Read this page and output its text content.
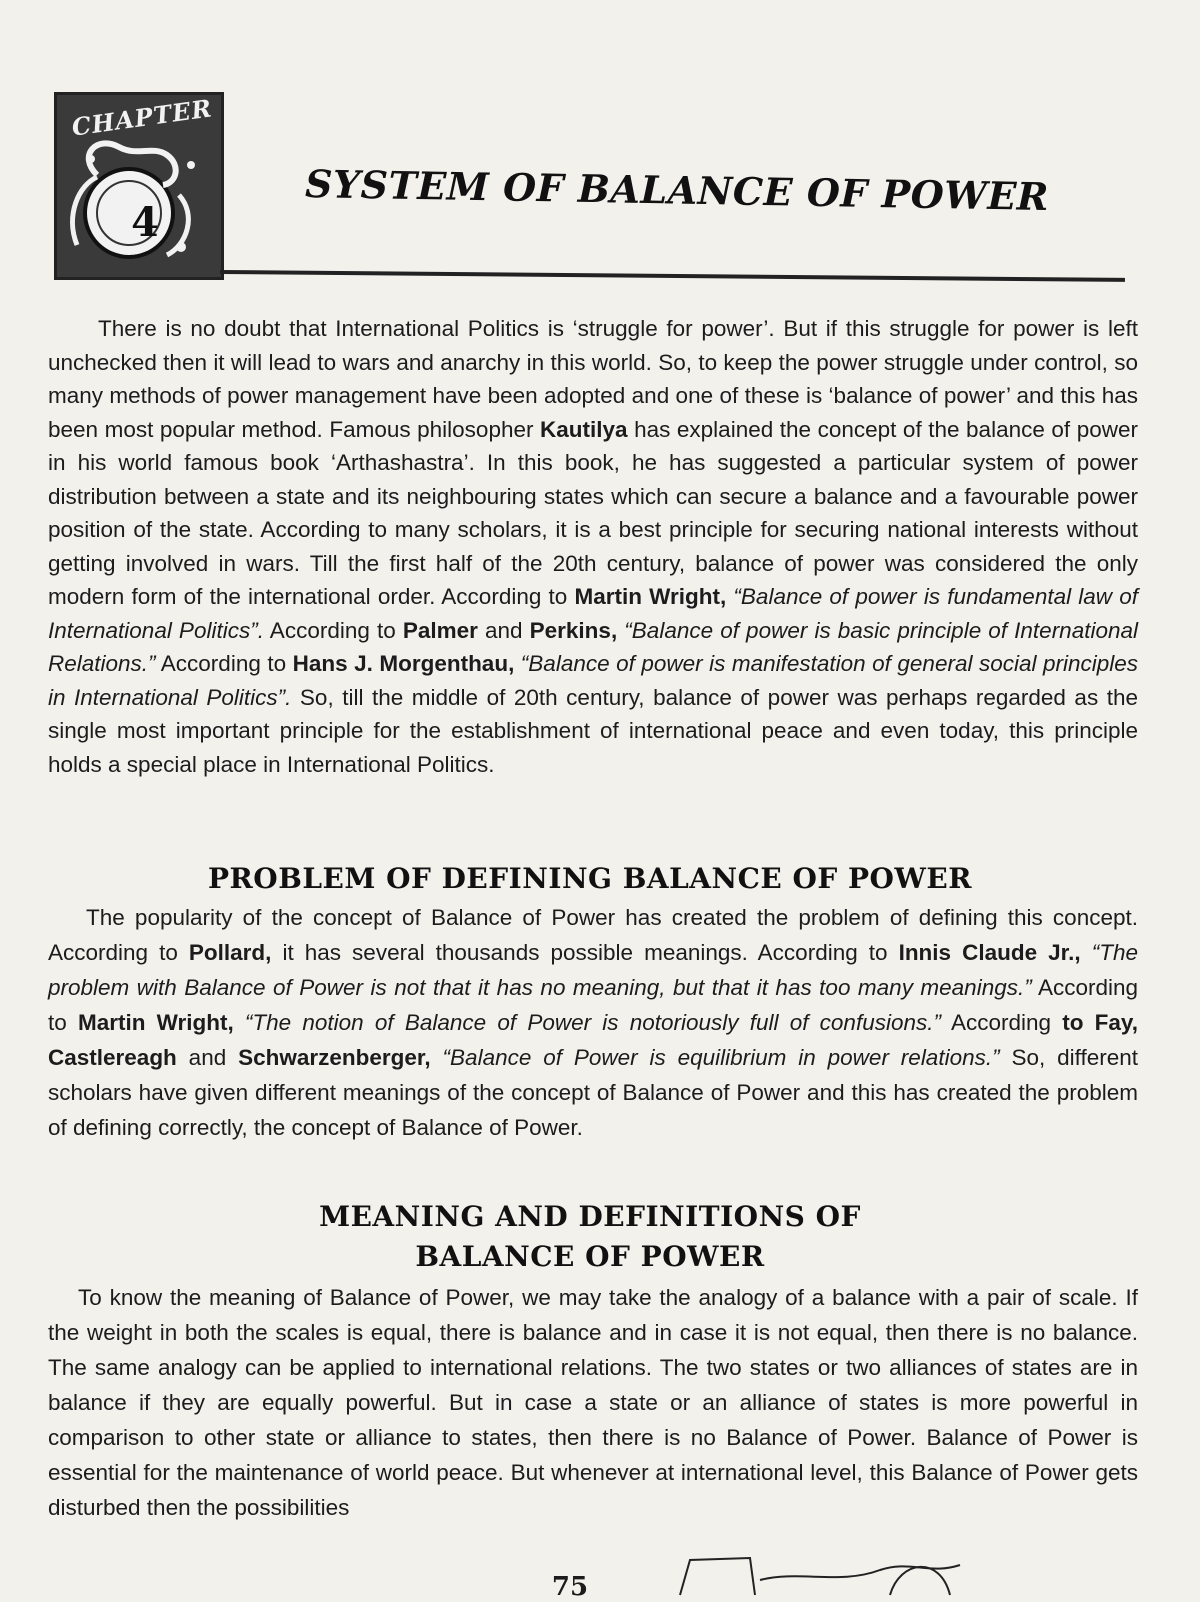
CHAPTER
4
SYSTEM OF BALANCE OF POWER

There is no doubt that International Politics is ‘struggle for power’. But if this struggle for power is left unchecked then it will lead to wars and anarchy in this world. So, to keep the power struggle under control, so many methods of power management have been adopted and one of these is ‘balance of power’ and this has been most popular method. Famous philosopher Kautilya has explained the concept of the balance of power in his world famous book ‘Arthashastra’. In this book, he has suggested a particular system of power distribution between a state and its neighbouring states which can secure a balance and a favourable power position of the state. According to many scholars, it is a best principle for securing national interests without getting involved in wars. Till the first half of the 20th century, balance of power was considered the only modern form of the international order. According to Martin Wright, “Balance of power is fundamental law of International Politics”. According to Palmer and Perkins, “Balance of power is basic principle of International Relations.” According to Hans J. Morgenthau, “Balance of power is manifestation of general social principles in International Politics”. So, till the middle of 20th century, balance of power was perhaps regarded as the single most important principle for the establishment of international peace and even today, this principle holds a special place in International Politics.

PROBLEM OF DEFINING BALANCE OF POWER

The popularity of the concept of Balance of Power has created the problem of defining this concept. According to Pollard, it has several thousands possible meanings. According to Innis Claude Jr., “The problem with Balance of Power is not that it has no meaning, but that it has too many meanings.” According to Martin Wright, “The notion of Balance of Power is notoriously full of confusions.” According to Fay, Castlereagh and Schwarzenberger, “Balance of Power is equilibrium in power relations.” So, different scholars have given different meanings of the concept of Balance of Power and this has created the problem of defining correctly, the concept of Balance of Power.

MEANING AND DEFINITIONS OF
BALANCE OF POWER

To know the meaning of Balance of Power, we may take the analogy of a balance with a pair of scale. If the weight in both the scales is equal, there is balance and in case it is not equal, then there is no balance. The same analogy can be applied to international relations. The two states or two alliances of states are in balance if they are equally powerful. But in case a state or an alliance of states is more powerful in comparison to other state or alliance to states, then there is no Balance of Power. Balance of Power is essential for the maintenance of world peace. But whenever at international level, this Balance of Power gets disturbed then the possibilities

75
